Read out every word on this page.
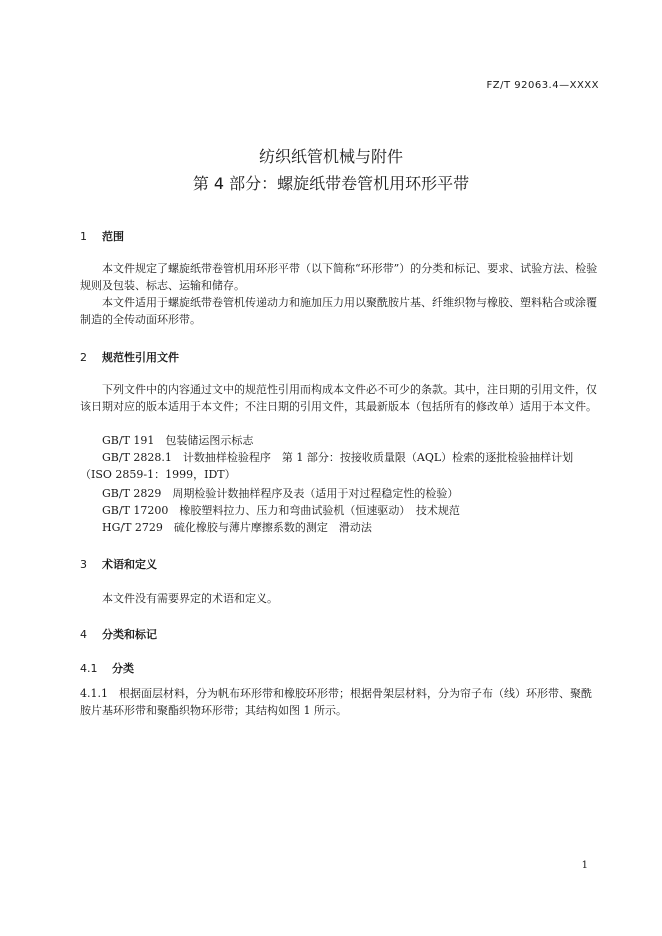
FZ/T 92063.4—XXXX
纺织纸管机械与附件
第 4 部分：螺旋纸带卷管机用环形平带
1 范围
本文件规定了螺旋纸带卷管机用环形平带（以下简称“环形带”）的分类和标记、要求、试验方法、检验规则及包装、标志、运输和储存。
本文件适用于螺旋纸带卷管机传递动力和施加压力用以聚酰胺片基、纤维织物与橡胶、塑料粘合或涂覆制造的全传动面环形带。
2 规范性引用文件
下列文件中的内容通过文中的规范性引用而构成本文件必不可少的条款。其中，注日期的引用文件，仅该日期对应的版本适用于本文件；不注日期的引用文件，其最新版本（包括所有的修改单）适用于本文件。
GB/T 191　包装储运图示标志
GB/T 2828.1　计数抽样检验程序　第 1 部分：按接收质量限（AQL）检索的逐批检验抽样计划（ISO 2859-1：1999，IDT）
GB/T 2829　周期检验计数抽样程序及表（适用于对过程稳定性的检验）
GB/T 17200　橡胶塑料拉力、压力和弯曲试验机（恒速驱动）　技术规范
HG/T 2729　硫化橡胶与薄片摩擦系数的测定　滑动法
3 术语和定义
本文件没有需要界定的术语和定义。
4 分类和标记
4.1 分类
4.1.1　根据面层材料，分为帆布环形带和橡胶环形带；根据骨架层材料，分为帘子布（线）环形带、聚酰胺片基环形带和聚酯织物环形带；其结构如图 1 所示。
1
